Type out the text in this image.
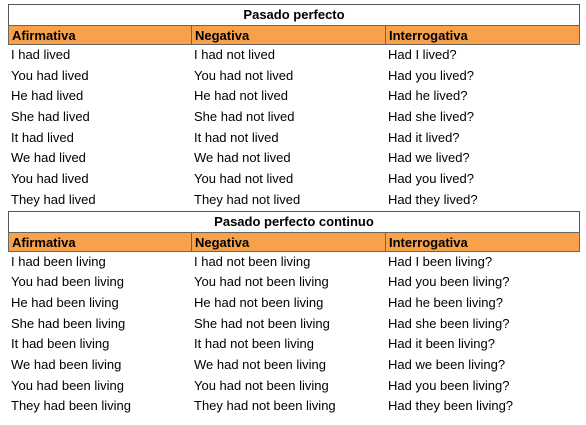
Pasado perfecto
Afirmativa	Negativa	Interrogativa
I had lived	I had not lived	Had I lived?
You had lived	You had not lived	Had you lived?
He had lived	He had not lived	Had he lived?
She had lived	She had not lived	Had she lived?
It had lived	It had not lived	Had it lived?
We had lived	We had not lived	Had we lived?
You had lived	You had not lived	Had you lived?
They had lived	They had not lived	Had they lived?
Pasado perfecto continuo
Afirmativa	Negativa	Interrogativa
I had been living	I had not been living	Had I been living?
You had been living	You had not been living	Had you been living?
He had been living	He had not been living	Had he been living?
She had been living	She had not been living	Had she been living?
It had been living	It had not been living	Had it been living?
We had been living	We had not been living	Had we been living?
You had been living	You had not been living	Had you been living?
They had been living	They had not been living	Had they been living?
